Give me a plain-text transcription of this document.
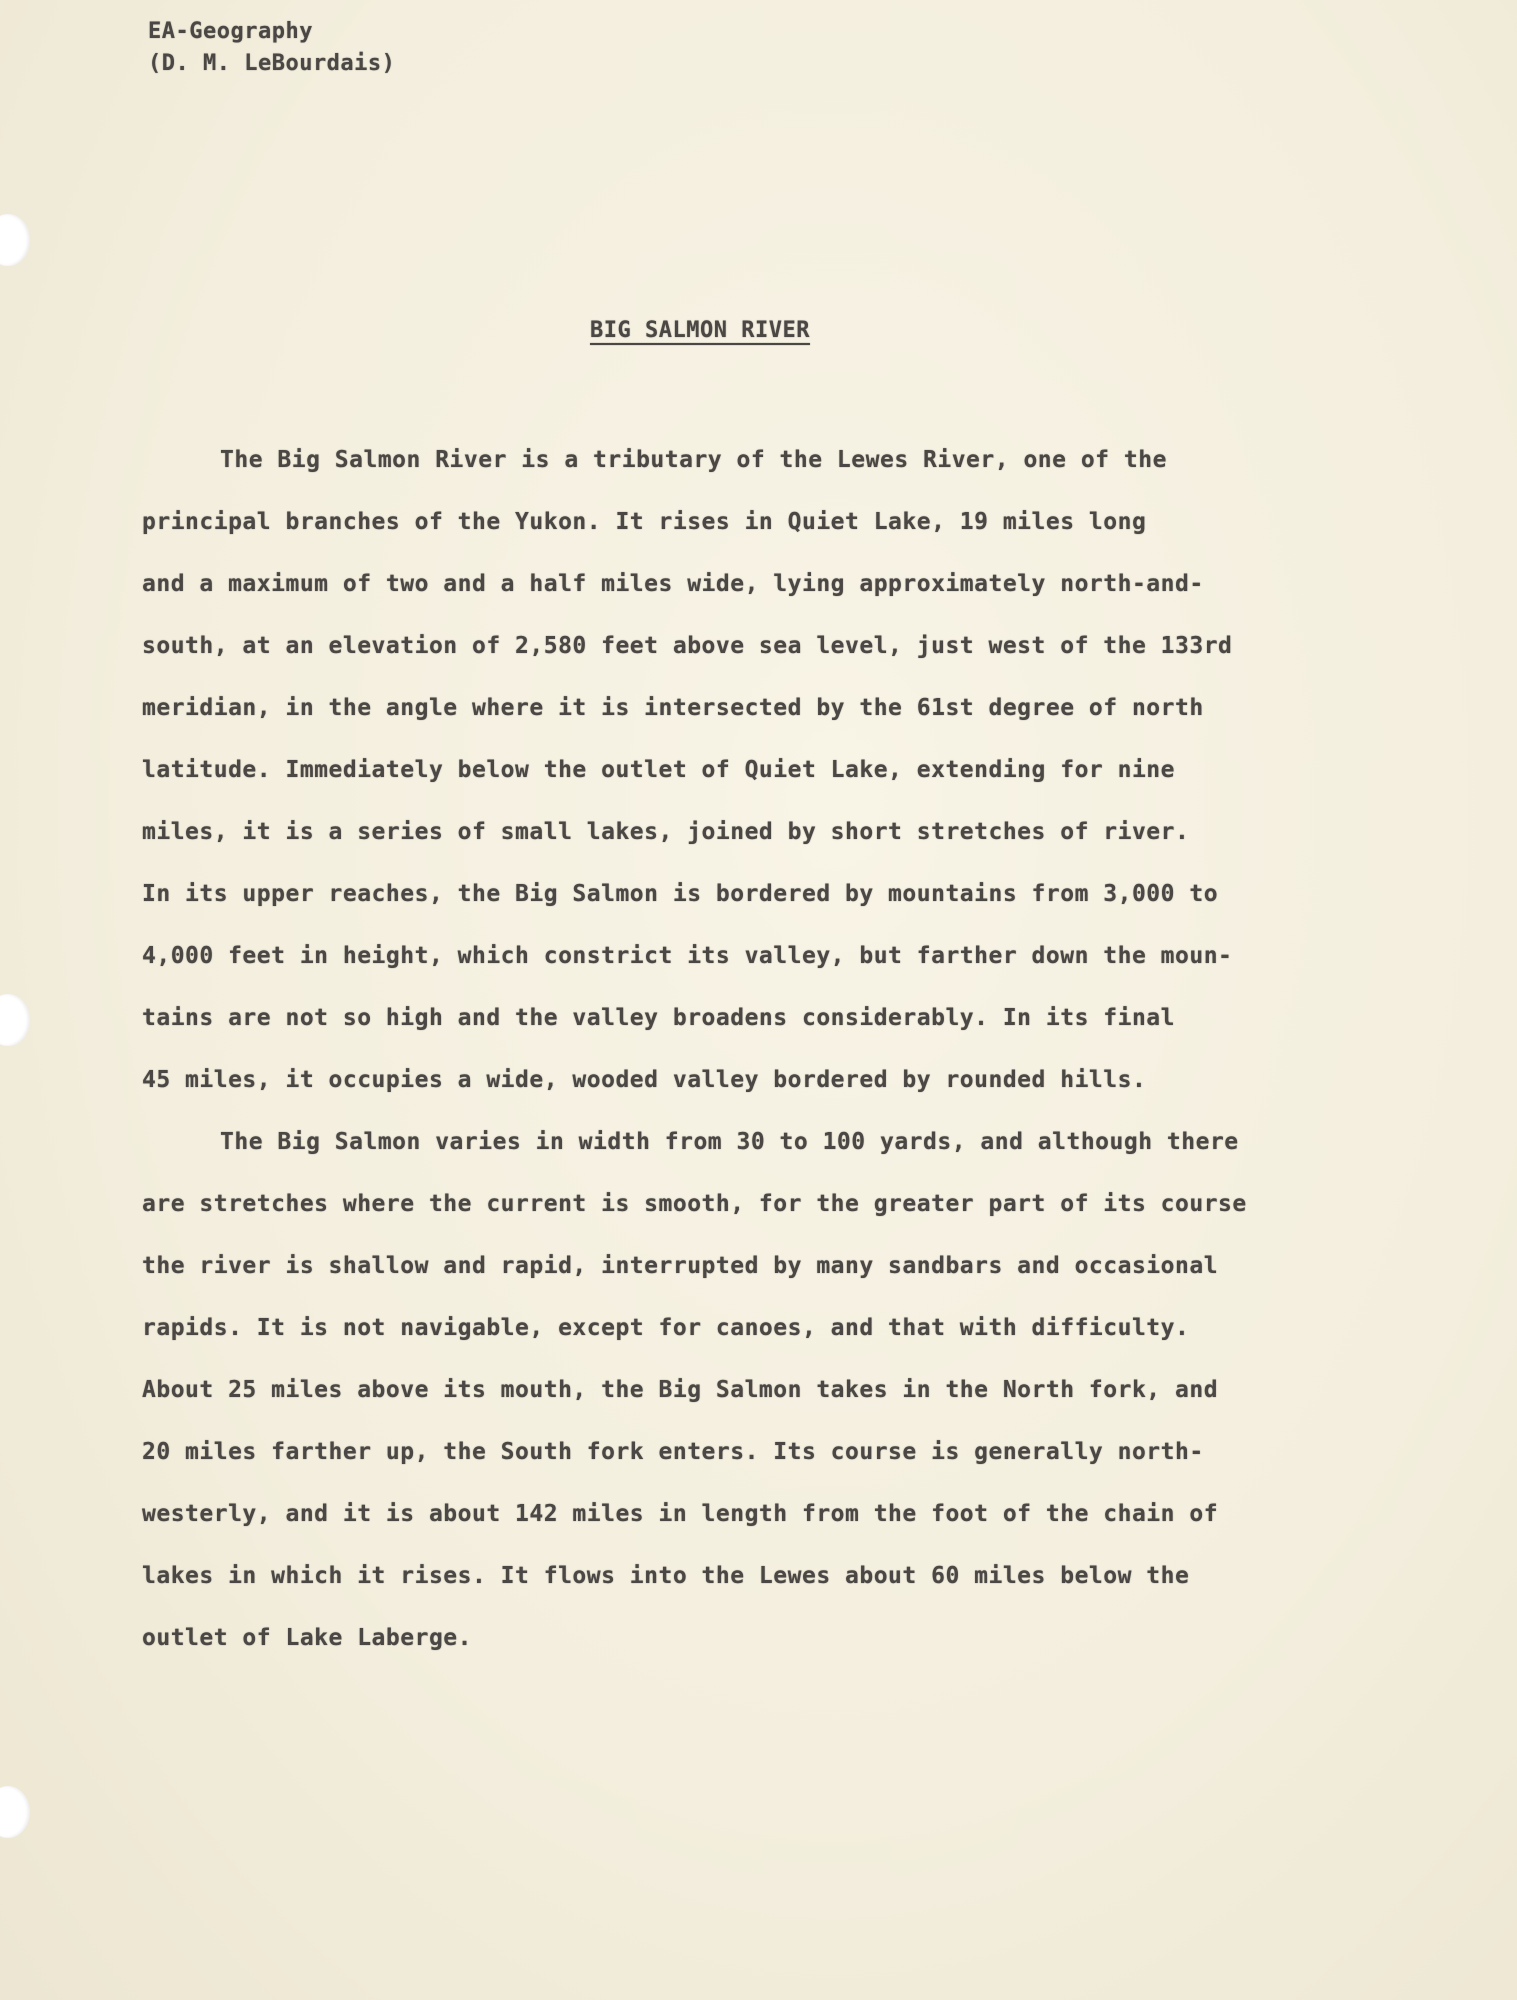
EA-Geography
(D. M. LeBourdais)
BIG SALMON RIVER
The Big Salmon River is a tributary of the Lewes River, one of the
principal branches of the Yukon. It rises in Quiet Lake, 19 miles long
and a maximum of two and a half miles wide, lying approximately north-and-
south, at an elevation of 2,580 feet above sea level, just west of the 133rd
meridian, in the angle where it is intersected by the 61st degree of north
latitude. Immediately below the outlet of Quiet Lake, extending for nine
miles, it is a series of small lakes, joined by short stretches of river.
In its upper reaches, the Big Salmon is bordered by mountains from 3,000 to
4,000 feet in height, which constrict its valley, but farther down the moun-
tains are not so high and the valley broadens considerably. In its final
45 miles, it occupies a wide, wooded valley bordered by rounded hills.
The Big Salmon varies in width from 30 to 100 yards, and although there
are stretches where the current is smooth, for the greater part of its course
the river is shallow and rapid, interrupted by many sandbars and occasional
rapids. It is not navigable, except for canoes, and that with difficulty.
About 25 miles above its mouth, the Big Salmon takes in the North fork, and
20 miles farther up, the South fork enters. Its course is generally north-
westerly, and it is about 142 miles in length from the foot of the chain of
lakes in which it rises. It flows into the Lewes about 60 miles below the
outlet of Lake Laberge.
